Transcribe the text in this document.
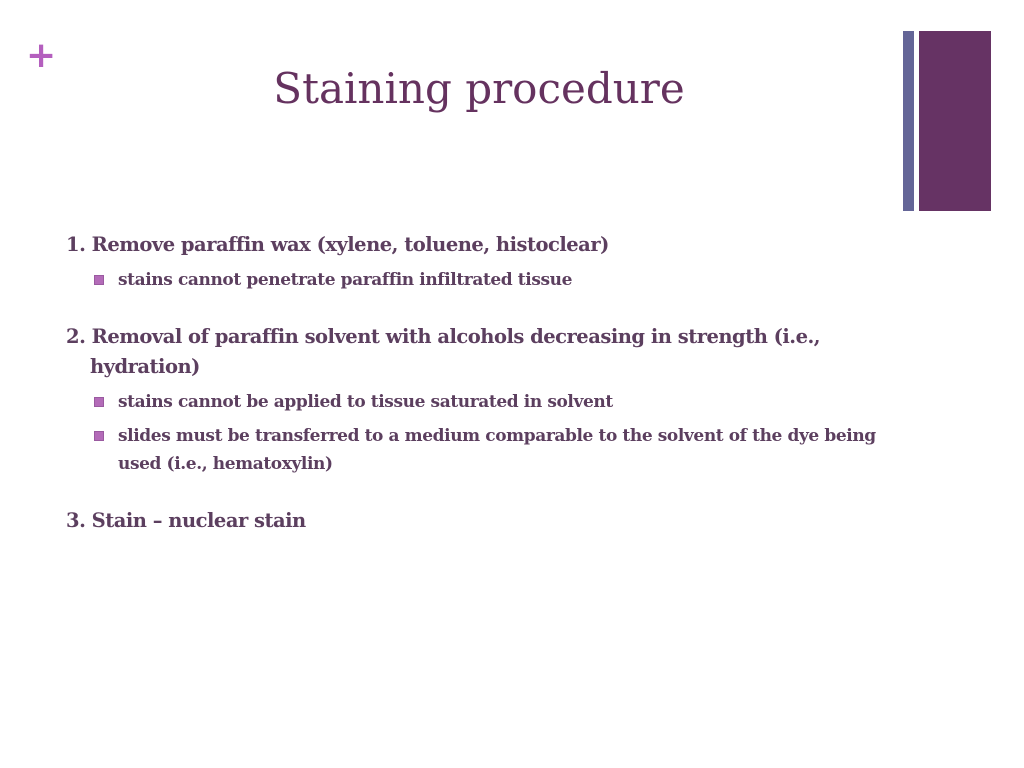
+
Staining procedure
1. Remove paraffin wax (xylene, toluene, histoclear)
stains cannot penetrate paraffin infiltrated tissue
2. Removal of paraffin solvent with alcohols decreasing in strength (i.e., hydration)
stains cannot be applied to tissue saturated in solvent
slides must be transferred to a medium comparable to the solvent of the dye being used (i.e., hematoxylin)
3. Stain – nuclear stain
